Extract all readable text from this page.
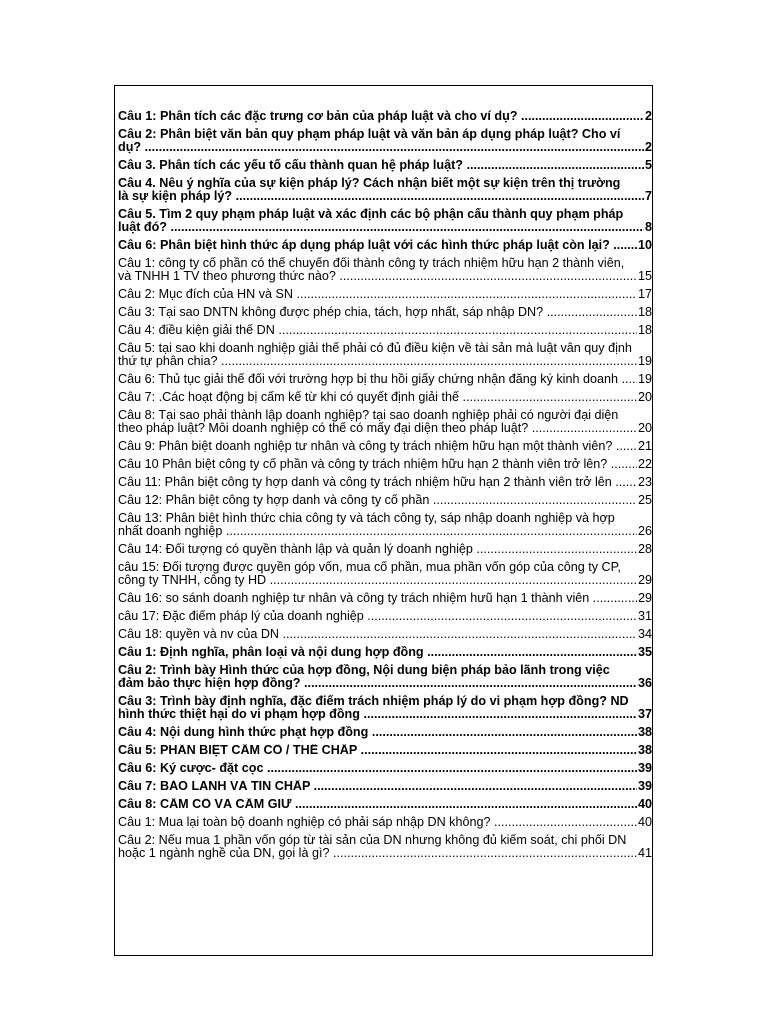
Câu 1: Phân tích các đặc trưng cơ bản của pháp luật và cho ví dụ? .....	2
Câu 2: Phân biệt văn bản quy phạm pháp luật và văn bản áp dụng pháp luật? Cho ví
dụ? .....	2
Câu 3. Phân tích các yếu tố cấu thành quan hệ pháp luật? .....	5
Câu 4. Nêu ý nghĩa của sự kiện pháp lý? Cách nhận biết một sự kiện trên thị trường
là sự kiện pháp lý? .....	7
Câu 5. Tìm 2 quy phạm pháp luật và xác định các bộ phận cấu thành quy phạm pháp
luật đó? .....	8
Câu 6: Phân biệt hình thức áp dụng pháp luật với các hình thức pháp luật còn lại? .....	10
Câu 1: công ty cổ phần có thể chuyển đổi thành công ty trách nhiệm hữu hạn 2 thành viên,
và TNHH 1 TV theo phương thức nào? .....	15
Câu 2: Mục đích của HN và SN .....	17
Câu 3: Tại sao DNTN không được phép chia, tách, hợp nhất, sáp nhập DN? .....	18
Câu 4: điều kiện giải thể DN .....	18
Câu 5: tại sao khi doanh nghiệp giải thể phải có đủ điều kiện về tài sản mà luật vẫn quy định
thứ tự phân chia? .....	19
Câu 6: Thủ tục giải thể đối với trường hợp bị thu hồi giấy chứng nhận đăng ký kinh doanh .....	19
Câu 7: .Các hoạt động bị cấm kể từ khi có quyết định giải thể .....	20
Câu 8: Tại sao phải thành lập doanh nghiệp? tại sao doanh nghiệp phải có người đại diện
theo pháp luật? Mỗi doanh nghiệp có thể có mấy đại diện theo pháp luật? .....	20
Câu 9: Phân biệt doanh nghiệp tư nhân và công ty trách nhiệm hữu hạn một thành viên? .....	21
Câu 10 Phân biệt công ty cổ phần và công ty trách nhiệm hữu hạn 2 thành viên trở lên? .....	22
Câu 11: Phân biệt công ty hợp danh và công ty trách nhiệm hữu hạn 2 thành viên trở lên .....	23
Câu 12: Phân biệt công ty hợp danh và công ty cổ phần .....	25
Câu 13: Phân biệt hình thức chia công ty và tách công ty, sáp nhập doanh nghiệp và hợp
nhất doanh nghiệp .....	26
Câu 14: Đối tượng có quyền thành lập và quản lý doanh nghiệp .....	28
câu 15: Đối tượng được quyền góp vốn, mua cổ phần, mua phần vốn góp của công ty CP,
công ty TNHH, công ty HD .....	29
Câu 16: so sánh doanh nghiệp tư nhân và công ty trách nhiệm hưũ hạn 1 thành viên .....	29
câu 17: Đặc điểm pháp lý của doanh nghiệp .....	31
Câu 18: quyền và nv của DN .....	34
Câu 1: Định nghĩa, phân loại và nội dung hợp đồng .....	35
Câu 2: Trình bày Hình thức của hợp đồng, Nội dung biện pháp bảo lãnh trong việc
đảm bảo thực hiện hợp đồng? .....	36
Câu 3: Trình bày định nghĩa, đặc điểm trách nhiệm pháp lý do vi phạm hợp đồng? ND
hình thức thiệt hại do vi phạm hợp đồng .....	37
Câu 4: Nội dung hình thức phạt hợp đồng .....	38
Câu 5: PHÂN BIỆT CẦM CỐ / THẾ CHẤP .....	38
Câu 6: Ký cược- đặt cọc .....	39
Câu 7: BẢO LÃNH VÀ TÍN CHẤP .....	39
Câu 8: CẦM CỐ VÀ CẦM GIỮ .....	40
Câu 1: Mua lại toàn bộ doanh nghiệp có phải sáp nhập DN không? .....	40
Câu 2: Nếu mua 1 phần vốn góp từ tài sản của DN nhưng không đủ kiểm soát, chi phối DN
hoặc 1 ngành nghề của DN, gọi là gì? .....	41
